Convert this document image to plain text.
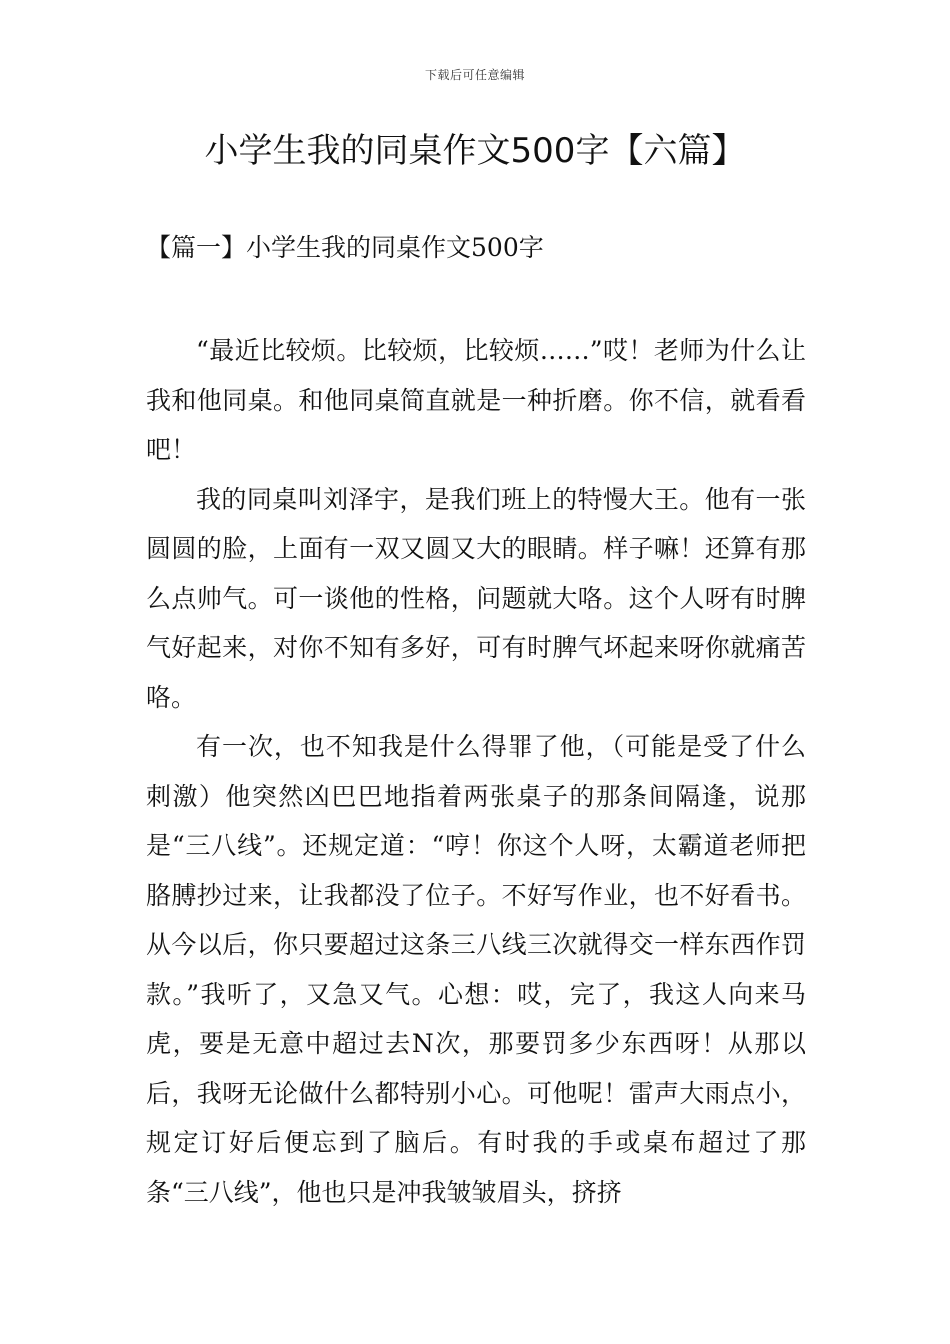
下载后可任意编辑
小学生我的同桌作文500字【六篇】
【篇一】小学生我的同桌作文500字

“最近比较烦。比较烦，比较烦……”哎！老师为什么让我和他同桌。和他同桌简直就是一种折磨。你不信，就看看吧！

我的同桌叫刘泽宇，是我们班上的特慢大王。他有一张圆圆的脸，上面有一双又圆又大的眼睛。样子嘛！还算有那么点帅气。可一谈他的性格，问题就大咯。这个人呀有时脾气好起来，对你不知有多好，可有时脾气坏起来呀你就痛苦咯。

有一次，也不知我是什么得罪了他，（可能是受了什么刺激）他突然凶巴巴地指着两张桌子的那条间隔逢，说那是“三八线”。还规定道：“哼！你这个人呀，太霸道老师把胳膊抄过来，让我都没了位子。不好写作业，也不好看书。从今以后，你只要超过这条三八线三次就得交一样东西作罚款。”我听了，又急又气。心想：哎，完了，我这人向来马虎，要是无意中超过去N次，那要罚多少东西呀！从那以后，我呀无论做什么都特别小心。可他呢！雷声大雨点小，规定订好后便忘到了脑后。有时我的手或桌布超过了那条“三八线”，他也只是冲我皱皱眉头，挤挤
